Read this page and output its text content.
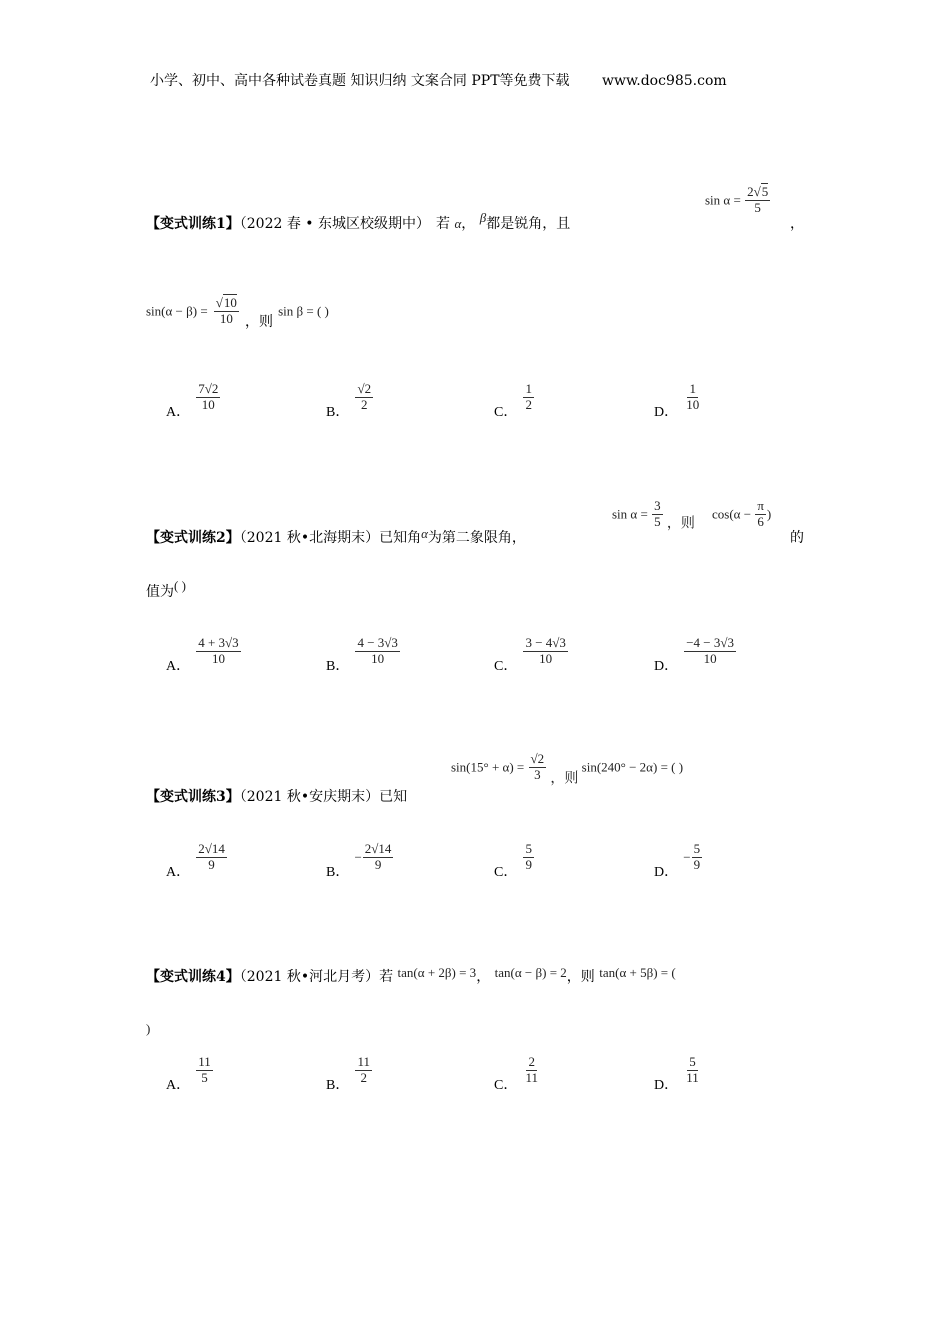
小学、初中、高中各种试卷真题 知识归纳 文案合同 PPT等免费下载 www.doc985.com
【变式训练1】（2022 春 • 东城区校级期中） 若 α， β都是锐角，且
$\sin \alpha = \frac{2√5}{5}$
，
$\sin(\alpha - \beta) = \frac{√10}{10}$ ，则 sin β = ( )
A． $\frac{7√2}{10}$	B． $\frac{√2}{2}$	C． $\frac{1}{2}$	D． $\frac{1}{10}$
【变式训练2】（2021 秋•北海期末）已知角α为第二象限角，
$\sin \alpha = \frac{3}{5}$ ，则
$\cos(\alpha - \frac{\pi}{6}$ )
的
值为( )
A． $\frac{4 + 3√3}{10}$	B． $\frac{4 - 3√3}{10}$	C． $\frac{3 - 4√3}{10}$	D． $\frac{-4 - 3√3}{10}$
【变式训练3】（2021 秋•安庆期末）已知
$\sin(15^\circ + \alpha) = \frac{√2}{3}$ ，则 sin(240° − 2α) = ( )
A． $\frac{2√14}{9}$	B． − $\frac{2√14}{9}$	C． $\frac{5}{9}$	D． − $\frac{5}{9}$
【变式训练4】（2021 秋•河北月考）若 tan(α + 2β) = 3， tan(α − β) = 2，则 tan(α + 5β) = (
)
A． $\frac{11}{5}$	B． $\frac{11}{2}$	C． $\frac{2}{11}$	D． $\frac{5}{11}$
